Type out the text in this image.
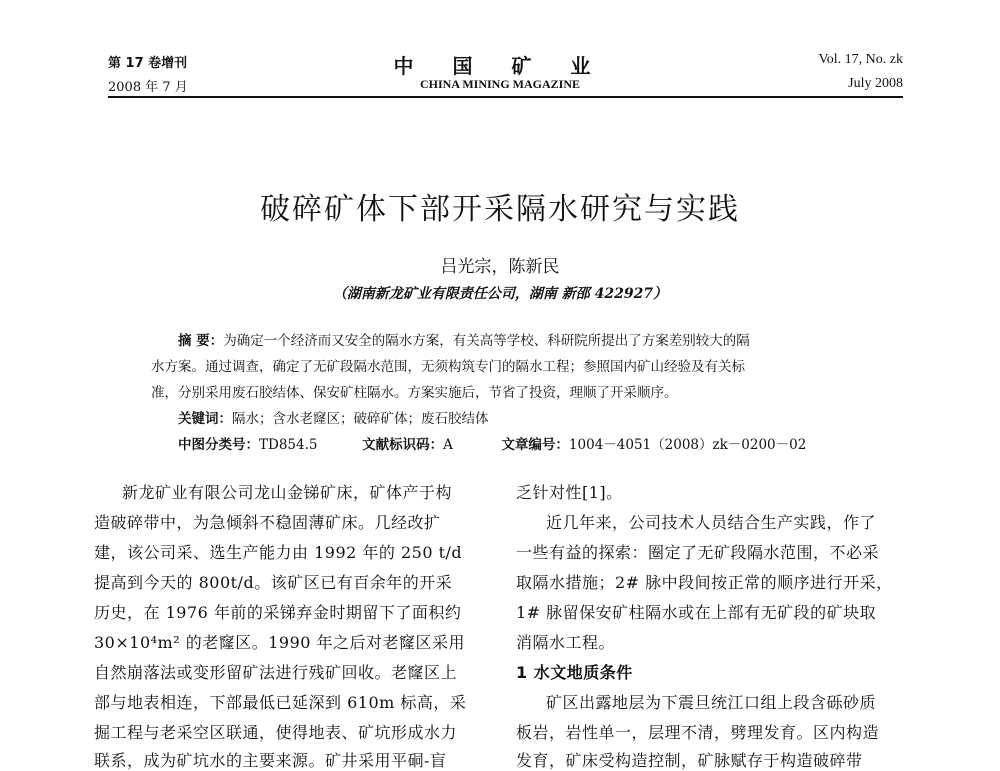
第 17 卷增刊
2008 年 7 月
中 国 矿 业
CHINA MINING MAGAZINE
Vol. 17, No. zk
July 2008
破碎矿体下部开采隔水研究与实践
吕光宗，陈新民
（湖南新龙矿业有限责任公司，湖南 新邵 422927）
摘 要：为确定一个经济而又安全的隔水方案，有关高等学校、科研院所提出了方案差别较大的隔
水方案。通过调查，确定了无矿段隔水范围，无须构筑专门的隔水工程；参照国内矿山经验及有关标
准，分别采用废石胶结体、保安矿柱隔水。方案实施后，节省了投资，理顺了开采顺序。
关键词：隔水；含水老窿区；破碎矿体；废石胶结体
中图分类号：TD854.5	文献标识码：A	文章编号：1004－4051（2008）zk－0200－02
新龙矿业有限公司龙山金锑矿床，矿体产于构
造破碎带中，为急倾斜不稳固薄矿床。几经改扩
建，该公司采、选生产能力由 1992 年的 250 t/d
提高到今天的 800t/d。该矿区已有百余年的开采
历史，在 1976 年前的采锑弃金时期留下了面积约
30×10⁴m² 的老窿区。1990 年之后对老窿区采用
自然崩落法或变形留矿法进行残矿回收。老窿区上
部与地表相连，下部最低已延深到 610m 标高，采
掘工程与老采空区联通，使得地表、矿坑形成水力
联系，成为矿坑水的主要来源。矿井采用平硐-盲
乏针对性[1]。
近几年来，公司技术人员结合生产实践，作了
一些有益的探索：圈定了无矿段隔水范围，不必采
取隔水措施；2# 脉中段间按正常的顺序进行开采，
1# 脉留保安矿柱隔水或在上部有无矿段的矿块取
消隔水工程。
1 水文地质条件
矿区出露地层为下震旦统江口组上段含砾砂质
板岩，岩性单一，层理不清，劈理发育。区内构造
发育，矿床受构造控制，矿脉赋存于构造破碎带
